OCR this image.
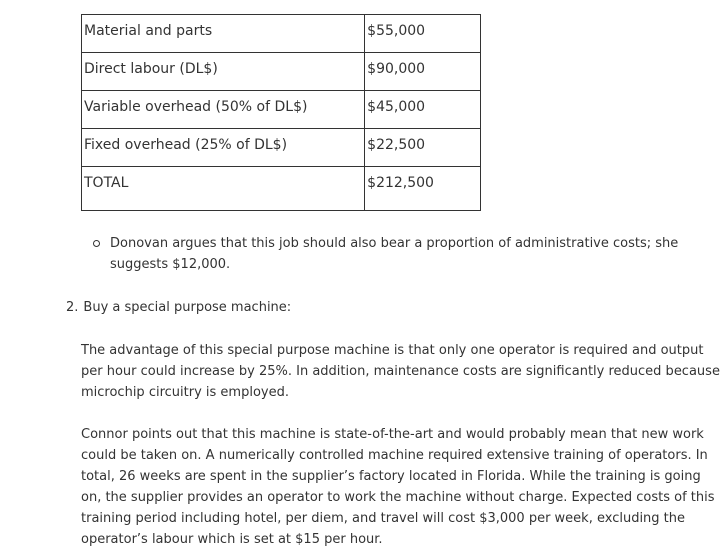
Material and parts	$55,000
Direct labour (DL$)	$90,000
Variable overhead (50% of DL$)	$45,000
Fixed overhead (25% of DL$)	$22,500
TOTAL	$212,500
Donovan argues that this job should also bear a proportion of administrative costs; she suggests $12,000.
2. Buy a special purpose machine:

The advantage of this special purpose machine is that only one operator is required and output per hour could increase by 25%. In addition, maintenance costs are significantly reduced because microchip circuitry is employed.

Connor points out that this machine is state-of-the-art and would probably mean that new work could be taken on. A numerically controlled machine required extensive training of operators. In total, 26 weeks are spent in the supplier’s factory located in Florida. While the training is going on, the supplier provides an operator to work the machine without charge. Expected costs of this training period including hotel, per diem, and travel will cost $3,000 per week, excluding the operator’s labour which is set at $15 per hour.
